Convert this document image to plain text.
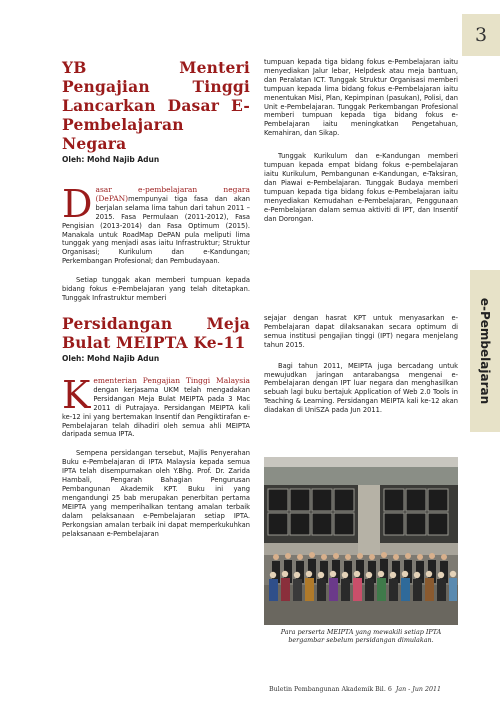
3
e-Pembelajaran
YB Menteri Pengajian Tinggi Lancarkan Dasar E-Pembelajaran Negara
Oleh: Mohd Najib Adun
D asar e-pembelajaran negara (DePAN)mempunyai tiga fasa dan akan berjalan selama lima tahun dari tahun 2011 – 2015. Fasa Permulaan (2011-2012), Fasa Pengisian (2013-2014) dan Fasa Optimum (2015). Manakala untuk RoadMap DePAN pula meliputi lima tunggak yang menjadi asas iaitu Infrastruktur; Struktur Organisasi; Kurikulum dan e-Kandungan; Perkembangan Profesional; dan Pembudayaan.

Setiap tunggak akan memberi tumpuan kepada bidang fokus e-Pembelajaran yang telah ditetapkan. Tunggak Infrastruktur memberi

tumpuan kepada tiga bidang fokus e-Pembelajaran iaitu menyediakan Jalur lebar, Helpdesk atau meja bantuan, dan Peralatan ICT. Tunggak Struktur Organisasi memberi tumpuan kepada lima bidang fokus e-Pembelajaran iaitu menentukan Misi, Plan, Kepimpinan (pasukan), Polisi, dan Unit e-Pembelajaran. Tunggak Perkembangan Profesional memberi tumpuan kepada tiga bidang fokus e-Pembelajaran iaitu meningkatkan Pengetahuan, Kemahiran, dan Sikap.

Tunggak Kurikulum dan e-Kandungan memberi tumpuan kepada empat bidang fokus e-pembelajaran iaitu Kurikulum, Pembangunan e-Kandungan, e-Taksiran, dan Piawai e-Pembelajaran. Tunggak Budaya memberi tumpuan kepada tiga bidang fokus e-Pembelajaran iaitu menyediakan Kemudahan e-Pembelajaran, Penggunaan e-Pembelajaran dalam semua aktiviti di IPT, dan Insentif dan Dorongan.

Persidangan Meja Bulat MEIPTA Ke-11
Oleh: Mohd Najib Adun
K ementerian Pengajian Tinggi Malaysia dengan kerjasama UKM telah mengadakan Persidangan Meja Bulat MEIPTA pada 3 Mac 2011 di Putrajaya. Persidangan MEIPTA kali ke-12 ini yang bertemakan Insentif dan Pengiktirafan e-Pembelajaran telah dihadiri oleh semua ahli MEIPTA daripada semua IPTA.

Sempena persidangan tersebut, Majlis Penyerahan Buku e-Pembelajaran di IPTA Malaysia kepada semua IPTA telah disempurnakan oleh Y.Bhg. Prof. Dr. Zarida Hambali, Pengarah Bahagian Pengurusan Pembangunan Akademik KPT. Buku ini yang mengandungi 25 bab merupakan penerbitan pertama MEIPTA yang memperihalkan tentang amalan terbaik dalam pelaksanaan e-Pembelajaran setiap IPTA. Perkongsian amalan terbaik ini dapat memperkukuhkan pelaksanaan e-Pembelajaran

sejajar dengan hasrat KPT untuk menyasarkan e-Pembelajaran dapat dilaksanakan secara optimum di semua institusi pengajian tinggi (IPT) negara menjelang tahun 2015.

Bagi tahun 2011, MEIPTA juga bercadang untuk mewujudkan jaringan antarabangsa mengenai e-Pembelajaran dengan IPT luar negara dan menghasilkan sebuah lagi buku bertajuk Application of Web 2.0 Tools in Teaching & Learning. Persidangan MEIPTA kali ke-12 akan diadakan di UniSZA pada Jun 2011.

Para perserta MEIPTA yang mewakili setiap IPTA bergambar sebelum persidangan dimulakan.
Buletin Pembangunan Akademik Bil. 6 Jan - Jun 2011
